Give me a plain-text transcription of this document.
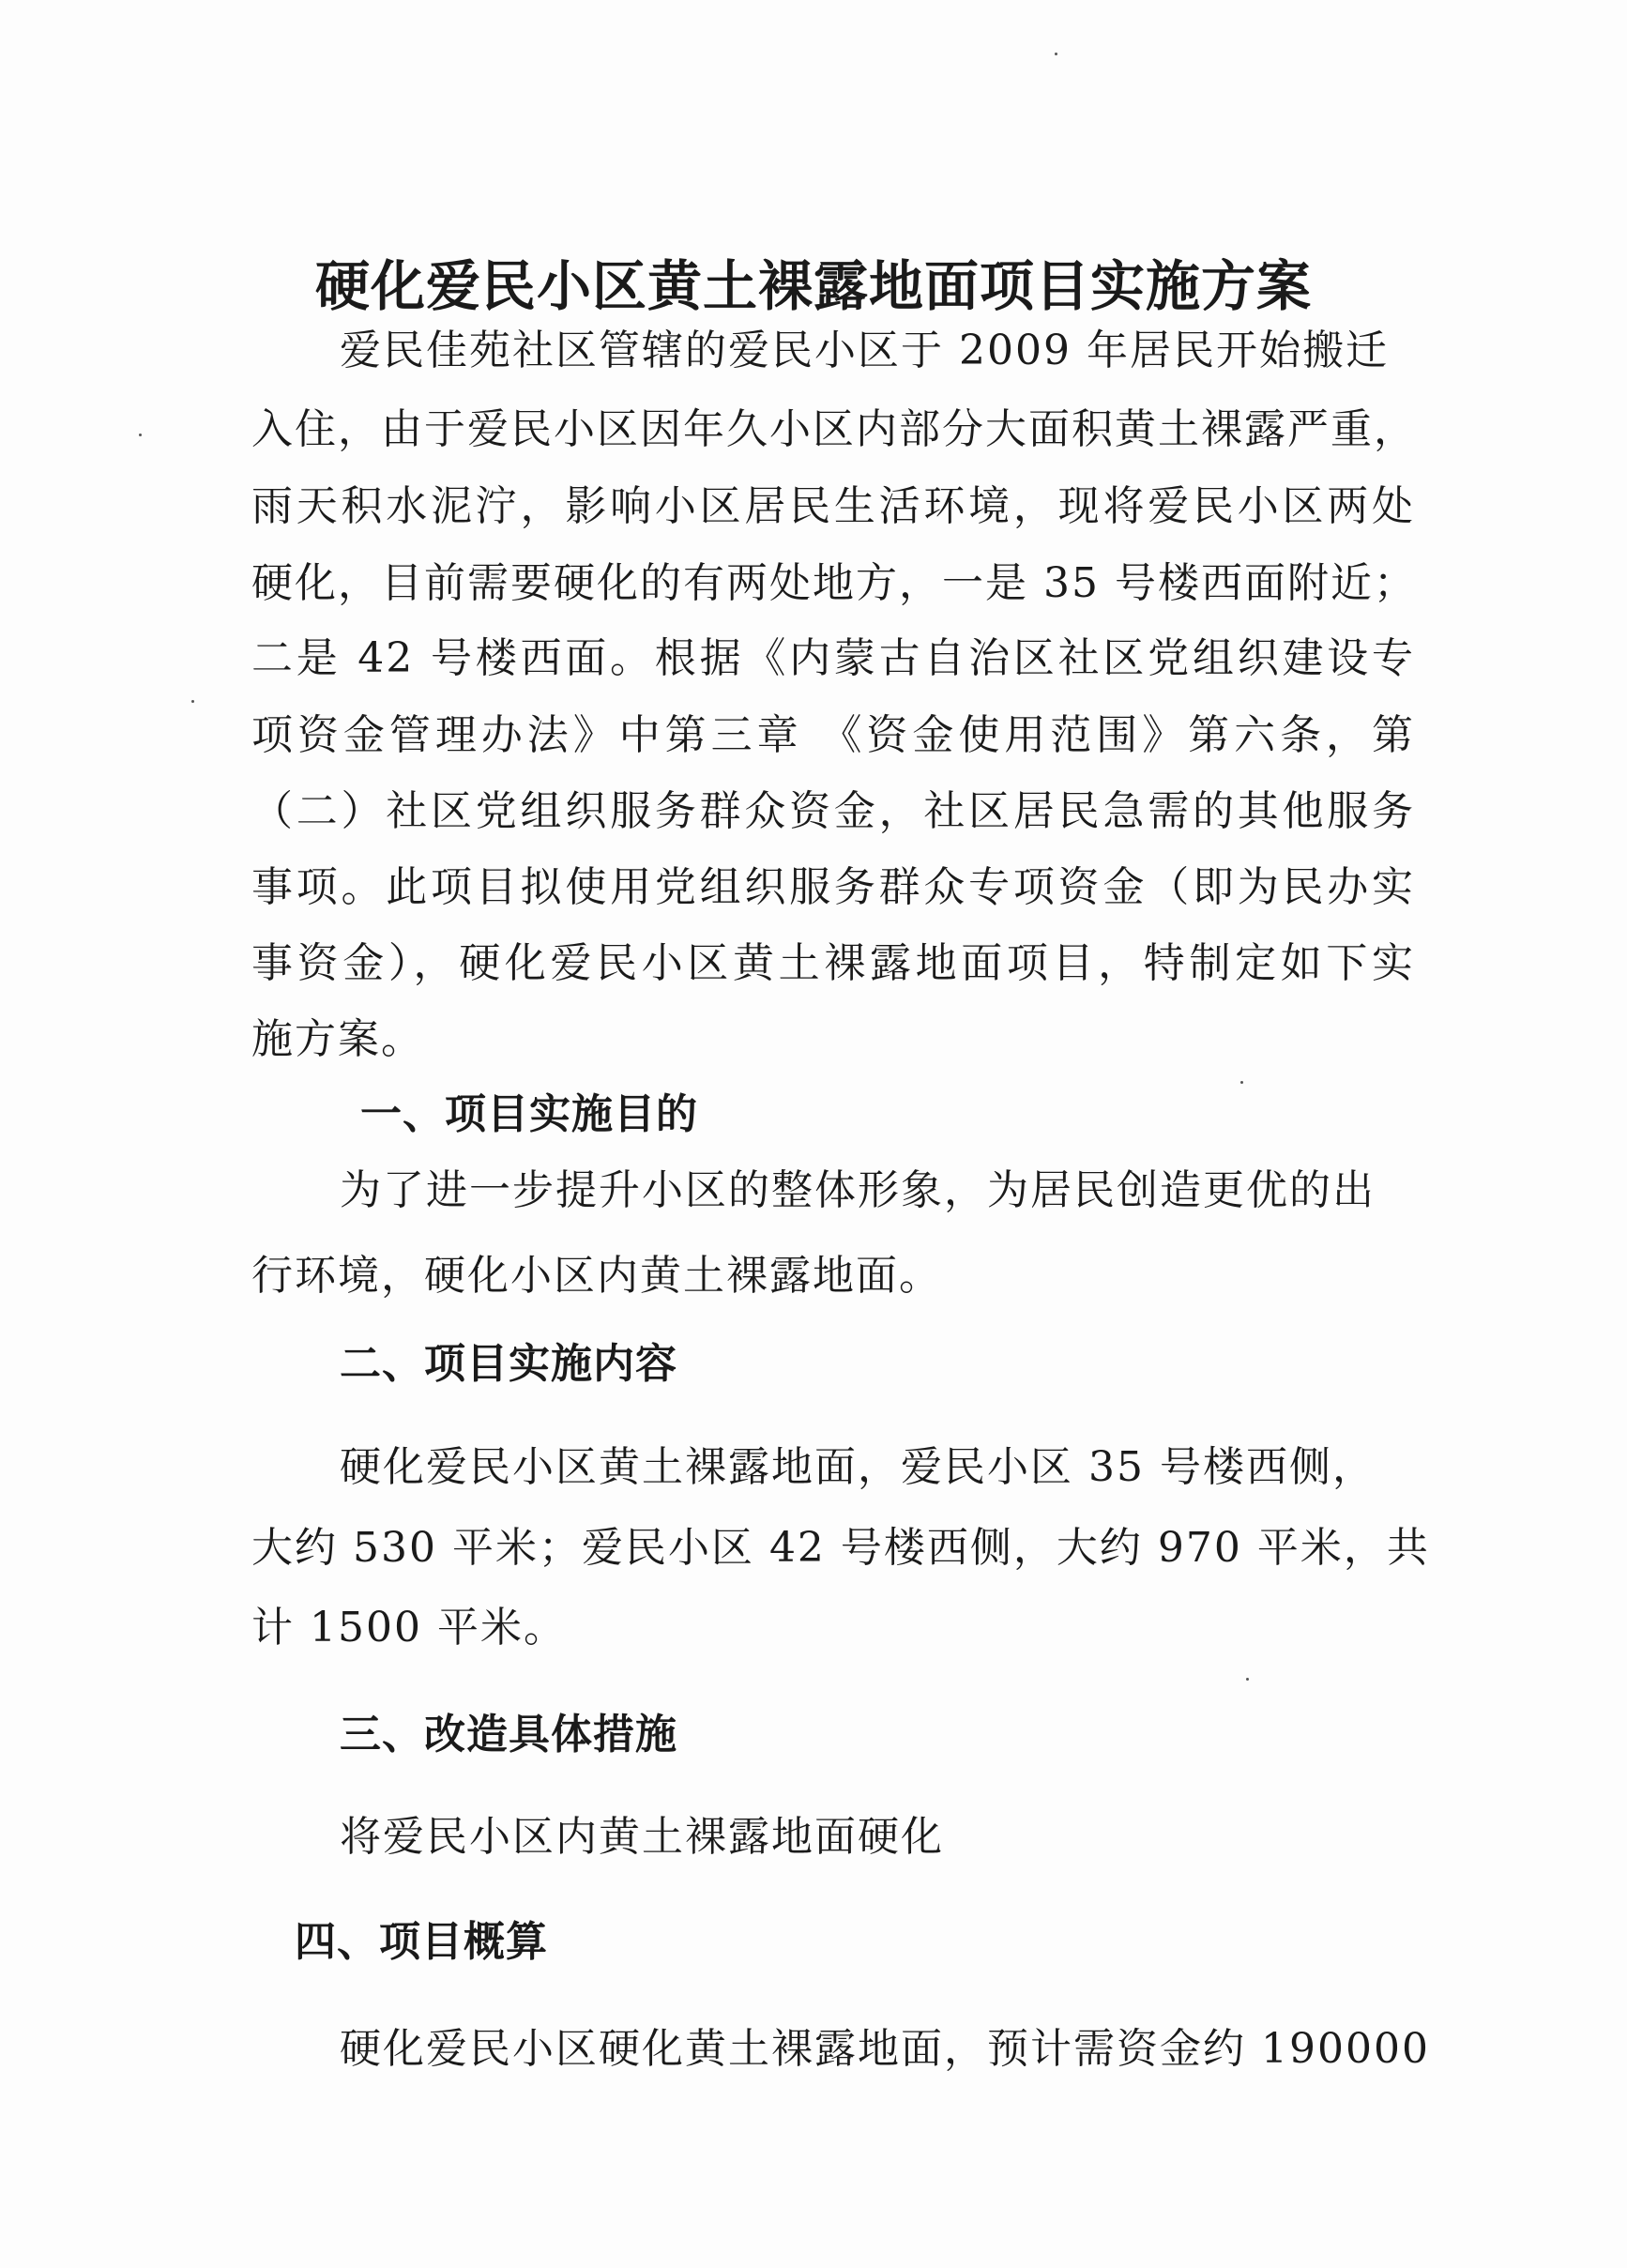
硬化爱民小区黄土裸露地面项目实施方案
爱民佳苑社区管辖的爱民小区于 2009 年居民开始搬迁
入住，由于爱民小区因年久小区内部分大面积黄土裸露严重，
雨天积水泥泞，影响小区居民生活环境，现将爱民小区两处
硬化，目前需要硬化的有两处地方，一是 35 号楼西面附近；
二是 42 号楼西面。根据《内蒙古自治区社区党组织建设专
项资金管理办法》中第三章 《资金使用范围》第六条，第
（二）社区党组织服务群众资金，社区居民急需的其他服务
事项。此项目拟使用党组织服务群众专项资金（即为民办实
事资金），硬化爱民小区黄土裸露地面项目，特制定如下实
施方案。
一、项目实施目的
为了进一步提升小区的整体形象，为居民创造更优的出
行环境，硬化小区内黄土裸露地面。
二、项目实施内容
硬化爱民小区黄土裸露地面，爱民小区 35 号楼西侧，
大约 530 平米；爱民小区 42 号楼西侧，大约 970 平米，共
计 1500 平米。
三、改造具体措施
将爱民小区内黄土裸露地面硬化
四、项目概算
硬化爱民小区硬化黄土裸露地面，预计需资金约 190000
